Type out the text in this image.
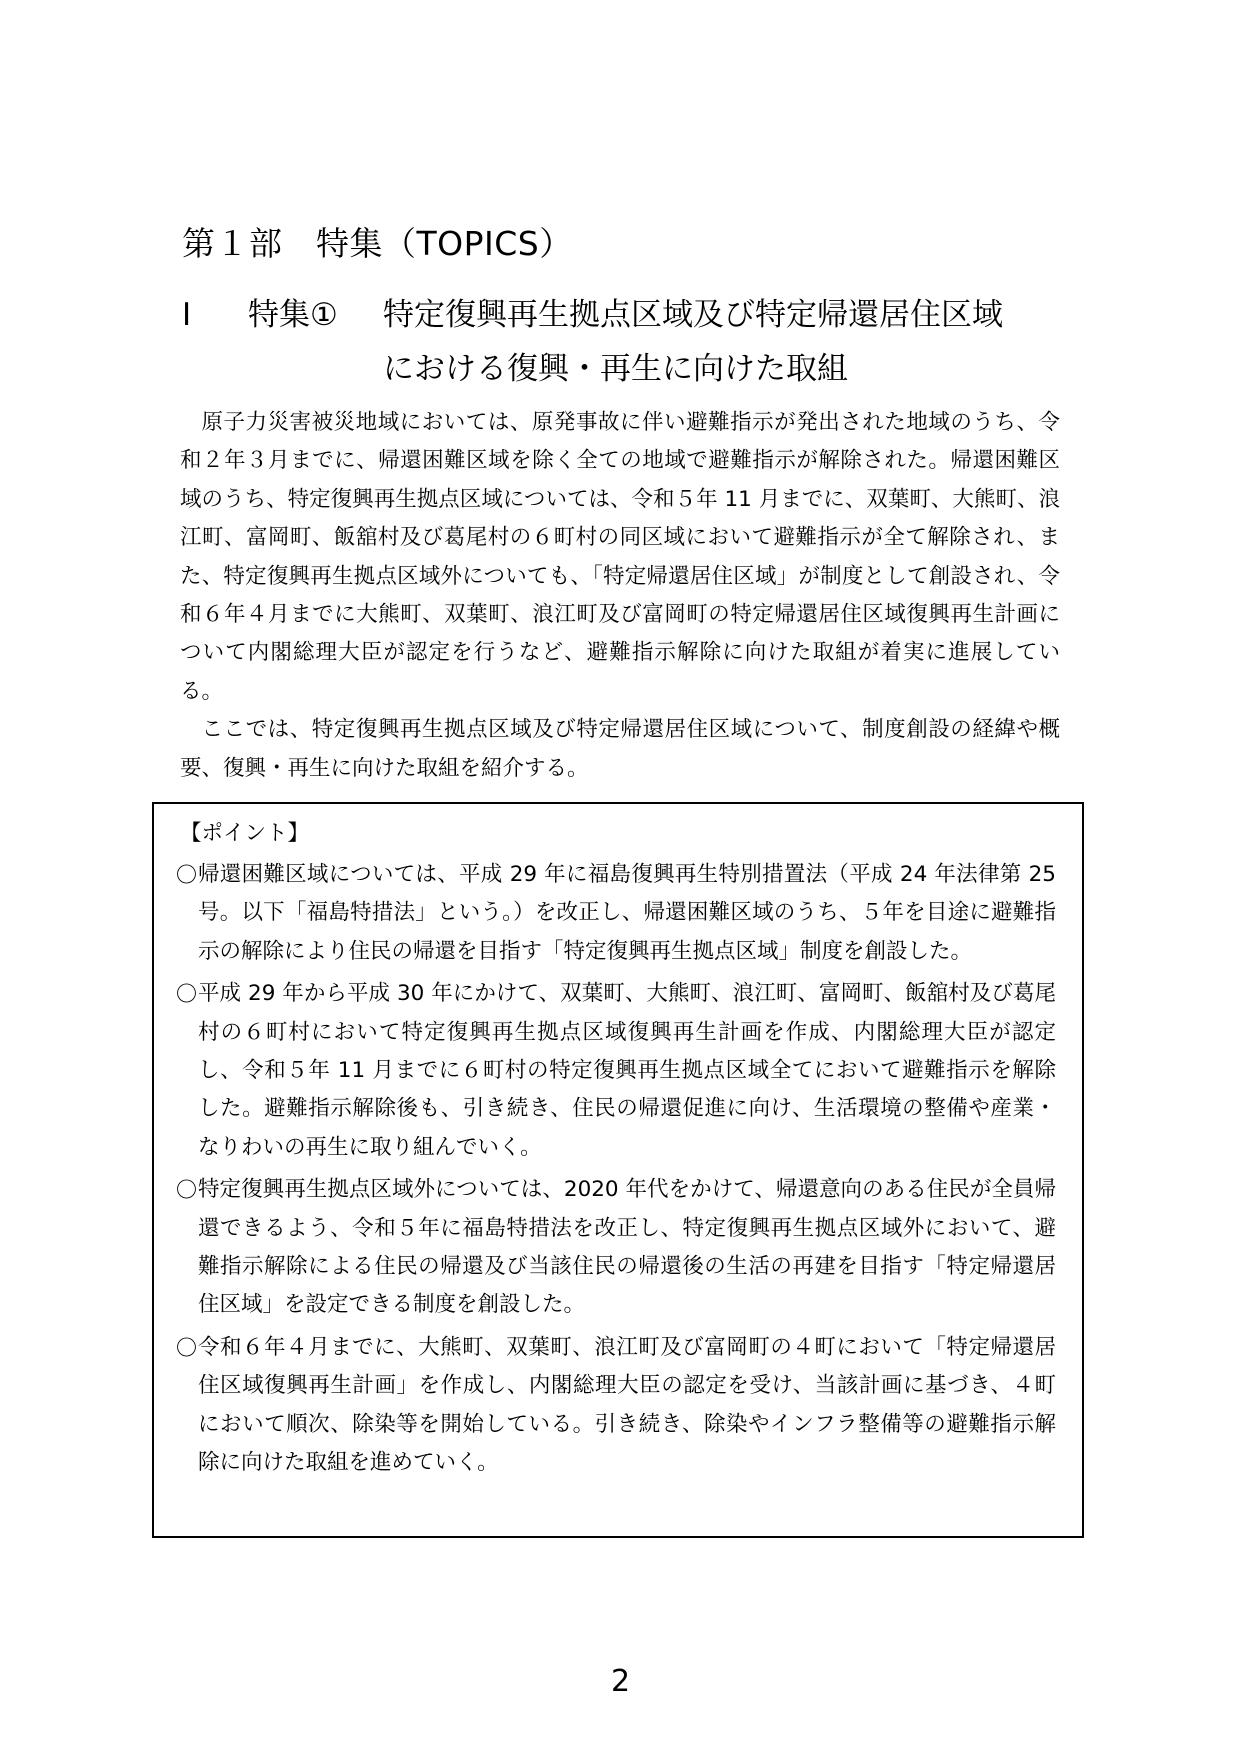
第１部　特集（TOPICS）
Ⅰ	特集①	特定復興再生拠点区域及び特定帰還居住区域
における復興・再生に向けた取組

原子力災害被災地域においては、原発事故に伴い避難指示が発出された地域のうち、令和２年３月までに、帰還困難区域を除く全ての地域で避難指示が解除された。帰還困難区域のうち、特定復興再生拠点区域については、令和５年 11 月までに、双葉町、大熊町、浪江町、富岡町、飯舘村及び葛尾村の６町村の同区域において避難指示が全て解除され、また、特定復興再生拠点区域外についても、「特定帰還居住区域」が制度として創設され、令和６年４月までに大熊町、双葉町、浪江町及び富岡町の特定帰還居住区域復興再生計画について内閣総理大臣が認定を行うなど、避難指示解除に向けた取組が着実に進展している。

ここでは、特定復興再生拠点区域及び特定帰還居住区域について、制度創設の経緯や概要、復興・再生に向けた取組を紹介する。

【ポイント】
〇 帰還困難区域については、平成 29 年に福島復興再生特別措置法（平成 24 年法律第 25 号。以下「福島特措法」という。）を改正し、帰還困難区域のうち、５年を目途に避難指示の解除により住民の帰還を目指す「特定復興再生拠点区域」制度を創設した。
〇 平成 29 年から平成 30 年にかけて、双葉町、大熊町、浪江町、富岡町、飯舘村及び葛尾村の６町村において特定復興再生拠点区域復興再生計画を作成、内閣総理大臣が認定し、令和５年 11 月までに６町村の特定復興再生拠点区域全てにおいて避難指示を解除した。避難指示解除後も、引き続き、住民の帰還促進に向け、生活環境の整備や産業・なりわいの再生に取り組んでいく。
〇 特定復興再生拠点区域外については、2020 年代をかけて、帰還意向のある住民が全員帰還できるよう、令和５年に福島特措法を改正し、特定復興再生拠点区域外において、避難指示解除による住民の帰還及び当該住民の帰還後の生活の再建を目指す「特定帰還居住区域」を設定できる制度を創設した。
〇 令和６年４月までに、大熊町、双葉町、浪江町及び富岡町の４町において「特定帰還居住区域復興再生計画」を作成し、内閣総理大臣の認定を受け、当該計画に基づき、４町において順次、除染等を開始している。引き続き、除染やインフラ整備等の避難指示解除に向けた取組を進めていく。
2
